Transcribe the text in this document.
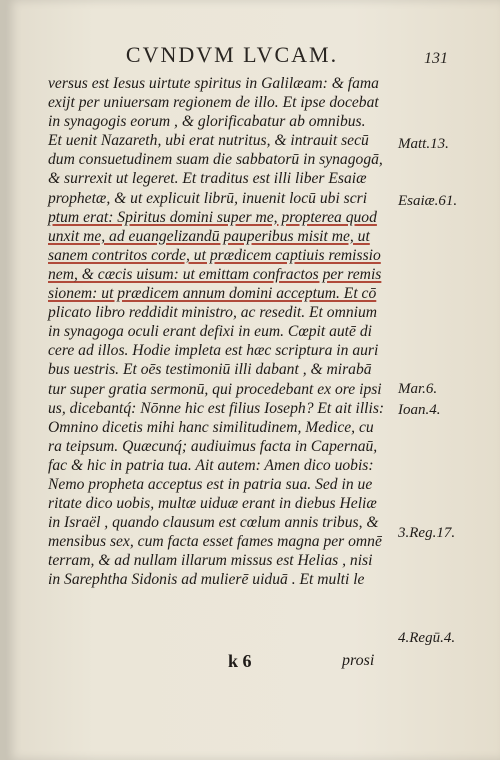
CVNDVM LVCAM.	131
versus est Iesus uirtute spiritus in Galilæam: & fama
exijt per uniuersam regionem de illo. Et ipse docebat
in synagogis eorum , & glorificabatur ab omnibus.
Et uenit Nazareth, ubi erat nutritus, & intrauit secū
dum consuetudinem suam die sabbatorū in synagogā,
& surrexit ut legeret. Et traditus est illi liber Esaiæ
prophetæ, & ut explicuit librū, inuenit locū ubi scri
ptum erat: Spiritus domini super me, propterea quod
unxit me, ad euangelizandū pauperibus misit me, ut
sanem contritos corde, ut prædicem captiuis remissio
nem, & cæcis uisum: ut emittam confractos per remis
sionem: ut prædicem annum domini acceptum. Et cō
plicato libro reddidit ministro, ac resedit. Et omnium
in synagoga oculi erant defixi in eum. Cœpit autē di
cere ad illos. Hodie impleta est hæc scriptura in auri
bus uestris. Et oēs testimoniū illi dabant , & mirabā
tur super gratia sermonū, qui procedebant ex ore ipsi
us, dicebantq́: Nōnne hic est filius Ioseph? Et ait illis:
Omnino dicetis mihi hanc similitudinem, Medice, cu
ra teipsum. Quæcunq́; audiuimus facta in Capernaū,
fac & hic in patria tua. Ait autem: Amen dico uobis:
Nemo propheta acceptus est in patria sua. Sed in ue
ritate dico uobis, multæ uiduæ erant in diebus Heliæ
in Israël , quando clausum est cœlum annis tribus, &
mensibus sex, cum facta esset fames magna per omnē
terram, & ad nullam illarum missus est Helias , nisi
in Sarephtha Sidonis ad mulierē uiduā . Et multi le
Matt.13.
Esaiæ.61.
Mar.6.
Ioan.4.
3.Reg.17.
4.Regū.4.
k 6	prosi
